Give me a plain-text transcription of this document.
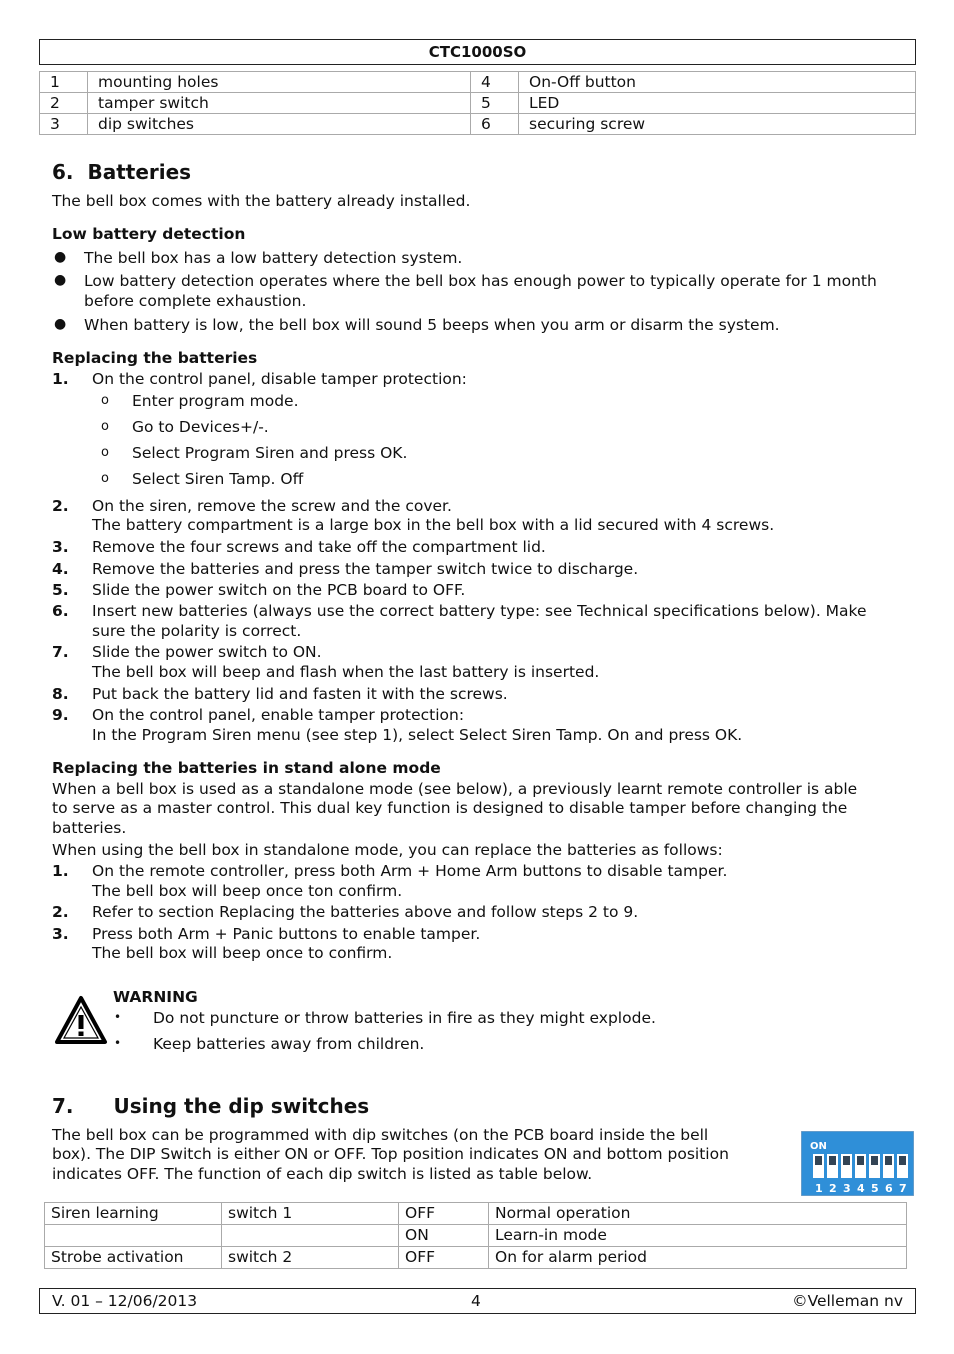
CTC1000SO
1	mounting holes	4	On-Off button
2	tamper switch	5	LED
3	dip switches	6	securing screw
6. Batteries

The bell box comes with the battery already installed.

Low battery detection

● The bell box has a low battery detection system.

● Low battery detection operates where the bell box has enough power to typically operate for 1 month

before complete exhaustion.

● When battery is low, the bell box will sound 5 beeps when you arm or disarm the system.

Replacing the batteries

1. On the control panel, disable tamper protection:

o Enter program mode.

o Go to Devices+/-.

o Select Program Siren and press OK.

o Select Siren Tamp. Off

2. On the siren, remove the screw and the cover.

The battery compartment is a large box in the bell box with a lid secured with 4 screws.

3. Remove the four screws and take off the compartment lid.

4. Remove the batteries and press the tamper switch twice to discharge.

5. Slide the power switch on the PCB board to OFF.

6. Insert new batteries (always use the correct battery type: see Technical specifications below). Make

sure the polarity is correct.

7. Slide the power switch to ON.

The bell box will beep and flash when the last battery is inserted.

8. Put back the battery lid and fasten it with the screws.

9. On the control panel, enable tamper protection:

In the Program Siren menu (see step 1), select Select Siren Tamp. On and press OK.

Replacing the batteries in stand alone mode

When a bell box is used as a standalone mode (see below), a previously learnt remote controller is able

to serve as a master control. This dual key function is designed to disable tamper before changing the

batteries.

When using the bell box in standalone mode, you can replace the batteries as follows:

1. On the remote controller, press both Arm + Home Arm buttons to disable tamper.

The bell box will beep once ton confirm.

2. Refer to section Replacing the batteries above and follow steps 2 to 9.

3. Press both Arm + Panic buttons to enable tamper.

The bell box will beep once to confirm.

WARNING

• Do not puncture or throw batteries in fire as they might explode.

• Keep batteries away from children.

7. Using the dip switches

The bell box can be programmed with dip switches (on the PCB board inside the bell

box). The DIP Switch is either ON or OFF. Top position indicates ON and bottom position

indicates OFF. The function of each dip switch is listed as table below.

ON
1 2 3 4 5 6 7
Siren learning	switch 1	OFF	Normal operation
		ON	Learn-in mode
Strobe activation	switch 2	OFF	On for alarm period
V. 01 – 12/06/2013	4	©Velleman nv
